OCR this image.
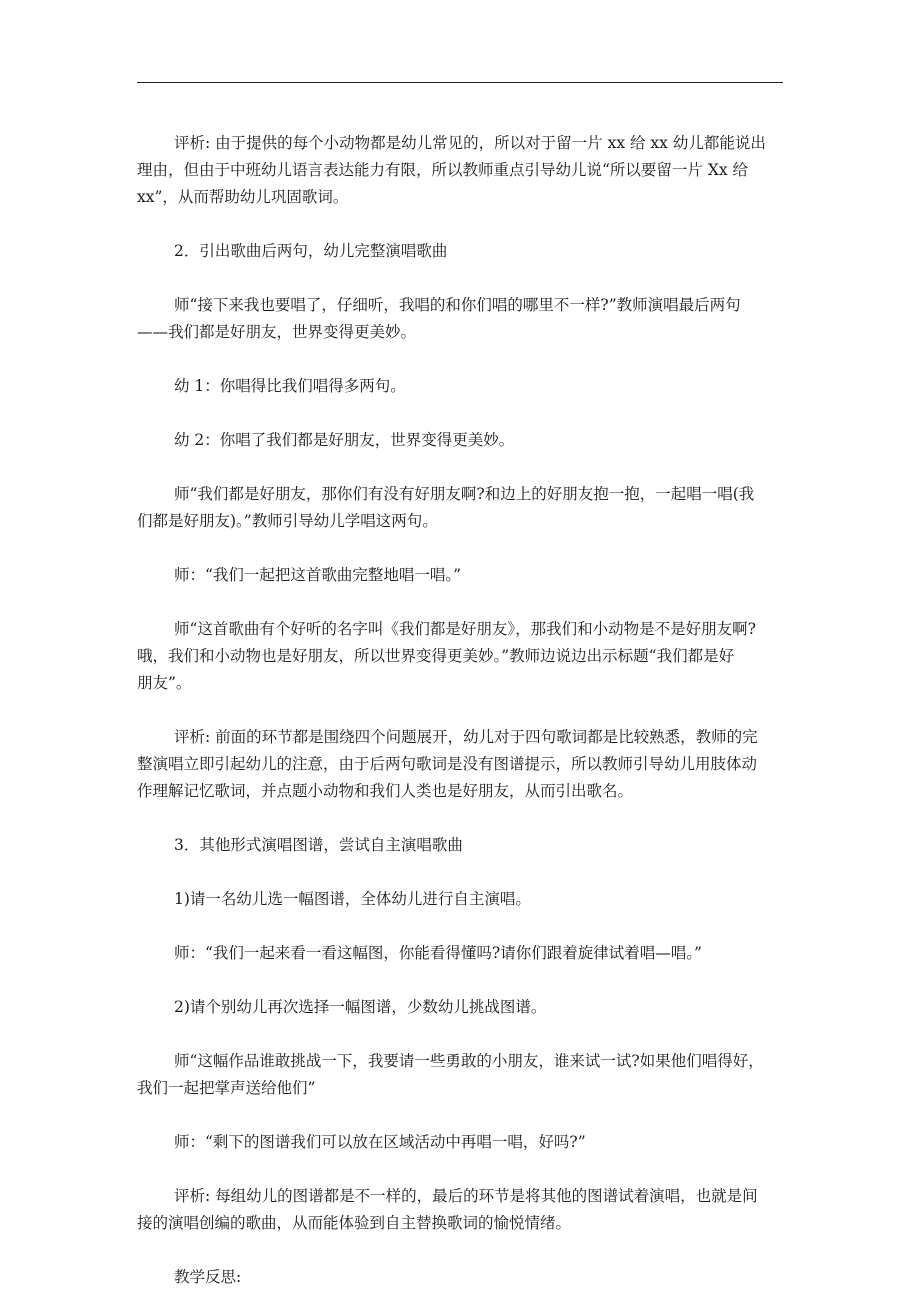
评析: 由于提供的每个小动物都是幼儿常见的，所以对于留一片 xx 给 xx 幼儿都能说出
理由，但由于中班幼儿语言表达能力有限，所以教师重点引导幼儿说“所以要留一片 Xx 给
xx”，从而帮助幼儿巩固歌词。
2．引出歌曲后两句，幼儿完整演唱歌曲
师“接下来我也要唱了，仔细听，我唱的和你们唱的哪里不一样?”教师演唱最后两句
——我们都是好朋友，世界变得更美妙。
幼 1：你唱得比我们唱得多两句。
幼 2：你唱了我们都是好朋友，世界变得更美妙。
师“我们都是好朋友，那你们有没有好朋友啊?和边上的好朋友抱一抱，一起唱一唱(我
们都是好朋友)。”教师引导幼儿学唱这两句。
师：“我们一起把这首歌曲完整地唱一唱。”
师“这首歌曲有个好听的名字叫《我们都是好朋友》，那我们和小动物是不是好朋友啊?
哦，我们和小动物也是好朋友，所以世界变得更美妙。”教师边说边出示标题“我们都是好
朋友”。
评析: 前面的环节都是围绕四个问题展开，幼儿对于四句歌词都是比较熟悉，教师的完
整演唱立即引起幼儿的注意，由于后两句歌词是没有图谱提示，所以教师引导幼儿用肢体动
作理解记忆歌词，并点题小动物和我们人类也是好朋友，从而引出歌名。
3．其他形式演唱图谱，尝试自主演唱歌曲
1)请一名幼儿选一幅图谱，全体幼儿进行自主演唱。
师：“我们一起来看一看这幅图，你能看得懂吗?请你们跟着旋律试着唱—唱。”
2)请个别幼儿再次选择一幅图谱，少数幼儿挑战图谱。
师“这幅作品谁敢挑战一下，我要请一些勇敢的小朋友，谁来试一试?如果他们唱得好，
我们一起把掌声送给他们”
师：“剩下的图谱我们可以放在区域活动中再唱一唱，好吗?”
评析: 每组幼儿的图谱都是不一样的，最后的环节是将其他的图谱试着演唱，也就是间
接的演唱创编的歌曲，从而能体验到自主替换歌词的愉悦情绪。
教学反思:
